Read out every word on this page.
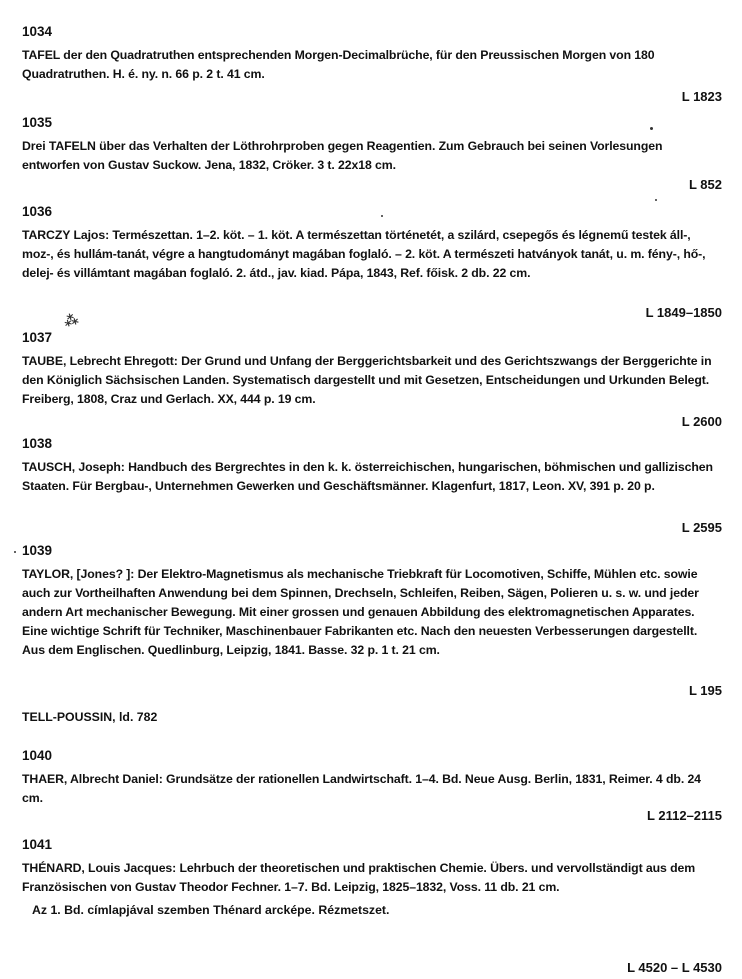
1034

TAFEL der den Quadratruthen entsprechenden Morgen-Decimalbrüche, für den Preussischen Morgen von 180 Quadratruthen. H. é. ny. n. 66 p. 2 t. 41 cm.

L 1823

1035

Drei TAFELN über das Verhalten der Löthrohrproben gegen Reagentien. Zum Gebrauch bei seinen Vorlesungen entworfen von Gustav Suckow. Jena, 1832, Cröker. 3 t. 22x18 cm.

L 852

1036

TARCZY Lajos: Természettan. 1–2. köt. – 1. köt. A természettan történetét, a szilárd, csepegős és légnemű testek áll-, moz-, és hullám-tanát, végre a hangtudományt magában foglaló. – 2. köt. A természeti hatványok tanát, u. m. fény-, hő-, delej- és villámtant magában foglaló. 2. átd., jav. kiad. Pápa, 1843, Ref. főisk. 2 db. 22 cm.

L 1849–1850

1037

TAUBE, Lebrecht Ehregott: Der Grund und Unfang der Berggerichtsbarkeit und des Gerichtszwangs der Berggerichte in den Königlich Sächsischen Landen. Systematisch dargestellt und mit Gesetzen, Entscheidungen und Urkunden Belegt. Freiberg, 1808, Craz und Gerlach. XX, 444 p. 19 cm.

L 2600

1038

TAUSCH, Joseph: Handbuch des Bergrechtes in den k. k. österreichischen, hungarischen, böhmischen und gallizischen Staaten. Für Bergbau-, Unternehmen Gewerken und Geschäftsmänner. Klagenfurt, 1817, Leon. XV, 391 p. 20 p.

L 2595

1039

TAYLOR, [Jones? ]: Der Elektro-Magnetismus als mechanische Triebkraft für Locomotiven, Schiffe, Mühlen etc. sowie auch zur Vortheilhaften Anwendung bei dem Spinnen, Drechseln, Schleifen, Reiben, Sägen, Polieren u. s. w. und jeder andern Art mechanischer Bewegung. Mit einer grossen und genauen Abbildung des elektromagnetischen Apparates. Eine wichtige Schrift für Techniker, Maschinenbauer Fabrikanten etc. Nach den neuesten Verbesserungen dargestellt. Aus dem Englischen. Quedlinburg, Leipzig, 1841. Basse. 32 p. 1 t. 21 cm.

L 195
TELL-POUSSIN, ld. 782

1040

THAER, Albrecht Daniel: Grundsätze der rationellen Landwirtschaft. 1–4. Bd. Neue Ausg. Berlin, 1831, Reimer. 4 db. 24 cm.

L 2112–2115

1041

THÉNARD, Louis Jacques: Lehrbuch der theoretischen und praktischen Chemie. Übers. und vervollständigt aus dem Französischen von Gustav Theodor Fechner. 1–7. Bd. Leipzig, 1825–1832, Voss. 11 db. 21 cm.

Az 1. Bd. címlapjával szemben Thénard arcképe. Rézmetszet.

L 4520 – L 4530
⁂
